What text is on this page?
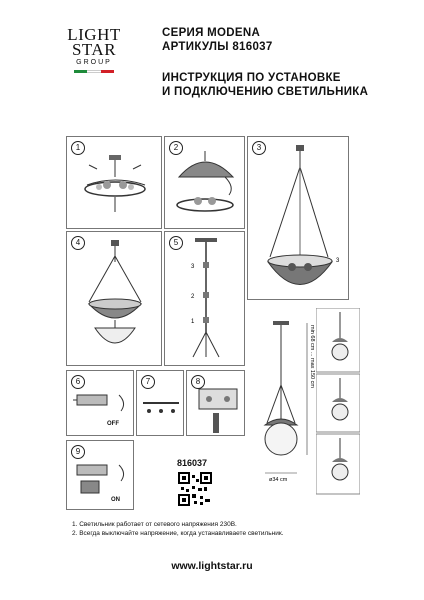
LIGHT
STAR
GROUP
СЕРИЯ MODENA
АРТИКУЛЫ 816037
ИНСТРУКЦИЯ ПО УСТАНОВКЕ
И ПОДКЛЮЧЕНИЮ СВЕТИЛЬНИКА
1	2	3
3
4	5
3
2
1
min 68 cm ... max 150 cm
ø34 cm
6
OFF
7	8
9
ON
816037
1. Светильник работает от сетевого напряжения 230В.
2. Всегда выключайте напряжение, когда устанавливаете светильник.
www.lightstar.ru
